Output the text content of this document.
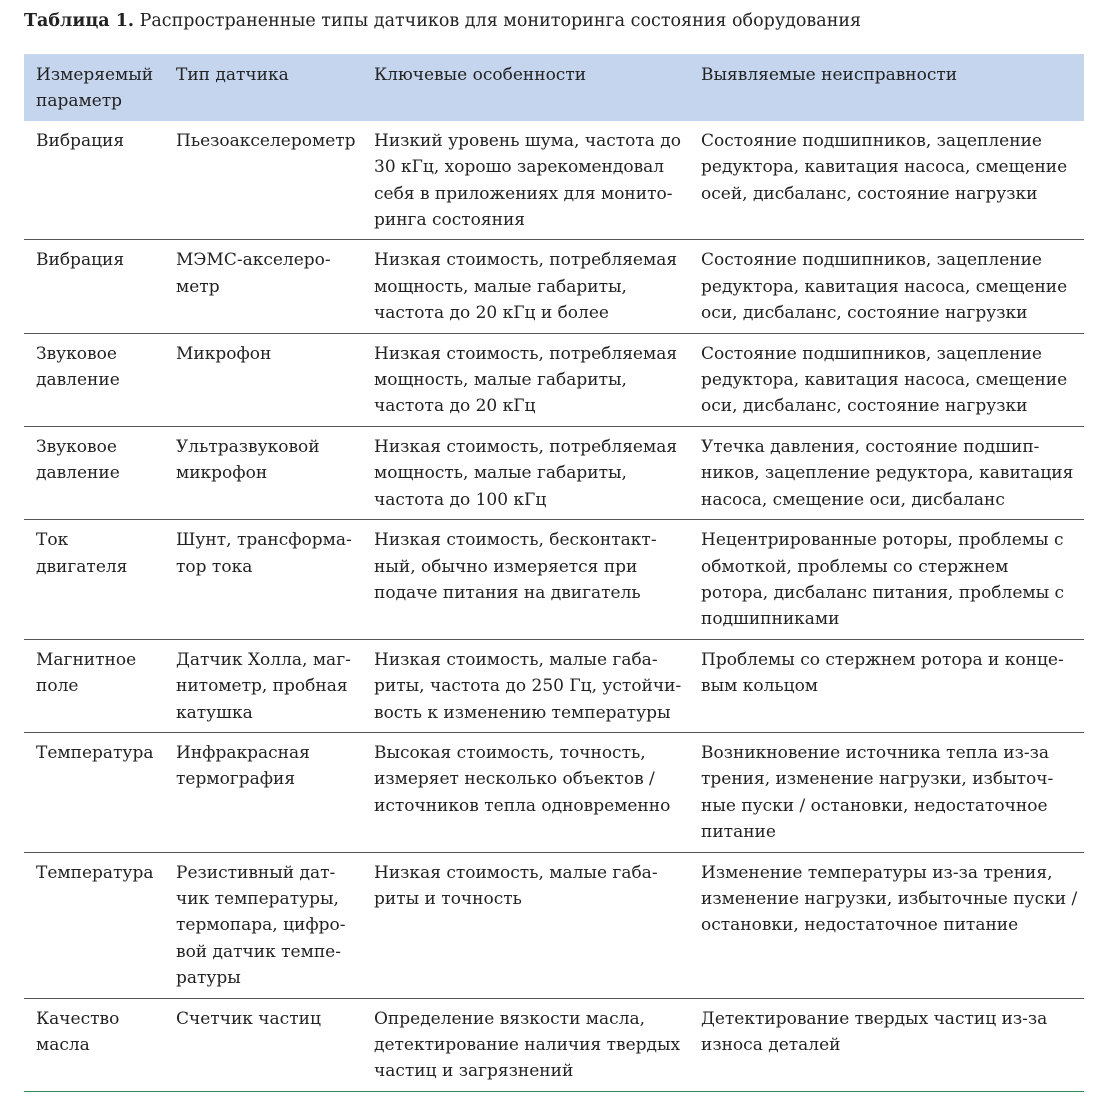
Таблица 1. Распространенные типы датчиков для мониторинга состояния оборудования
Измеряемый параметр	Тип датчика	Ключевые особенности	Выявляемые неисправности
Вибрация	Пьезоакселерометр	Низкий уровень шума, частота до 30 кГц, хорошо зарекомендовал себя в приложениях для мониторинга состояния	Состояние подшипников, зацепление редуктора, кавитация насоса, смещение осей, дисбаланс, состояние нагрузки
Вибрация	МЭМС-акселерометр	Низкая стоимость, потребляемая мощность, малые габариты, частота до 20 кГц и более	Состояние подшипников, зацепление редуктора, кавитация насоса, смещение оси, дисбаланс, состояние нагрузки
Звуковое давление	Микрофон	Низкая стоимость, потребляемая мощность, малые габариты, частота до 20 кГц	Состояние подшипников, зацепление редуктора, кавитация насоса, смещение оси, дисбаланс, состояние нагрузки
Звуковое давление	Ультразвуковой микрофон	Низкая стоимость, потребляемая мощность, малые габариты, частота до 100 кГц	Утечка давления, состояние подшипников, зацепление редуктора, кавитация насоса, смещение оси, дисбаланс
Ток двигателя	Шунт, трансформатор тока	Низкая стоимость, бесконтактный, обычно измеряется при подаче питания на двигатель	Нецентрированные роторы, проблемы с обмоткой, проблемы со стержнем ротора, дисбаланс питания, проблемы с подшипниками
Магнитное поле	Датчик Холла, магнитометр, пробная катушка	Низкая стоимость, малые габариты, частота до 250 Гц, устойчивость к изменению температуры	Проблемы со стержнем ротора и концевым кольцом
Температура	Инфракрасная термография	Высокая стоимость, точность, измеряет несколько объектов / источников тепла одновременно	Возникновение источника тепла из-за трения, изменение нагрузки, избыточные пуски / остановки, недостаточное питание
Температура	Резистивный датчик температуры, термопара, цифровой датчик температуры	Низкая стоимость, малые габариты и точность	Изменение температуры из-за трения, изменение нагрузки, избыточные пуски / остановки, недостаточное питание
Качество масла	Счетчик частиц	Определение вязкости масла, детектирование наличия твердых частиц и загрязнений	Детектирование твердых частиц из-за износа деталей
